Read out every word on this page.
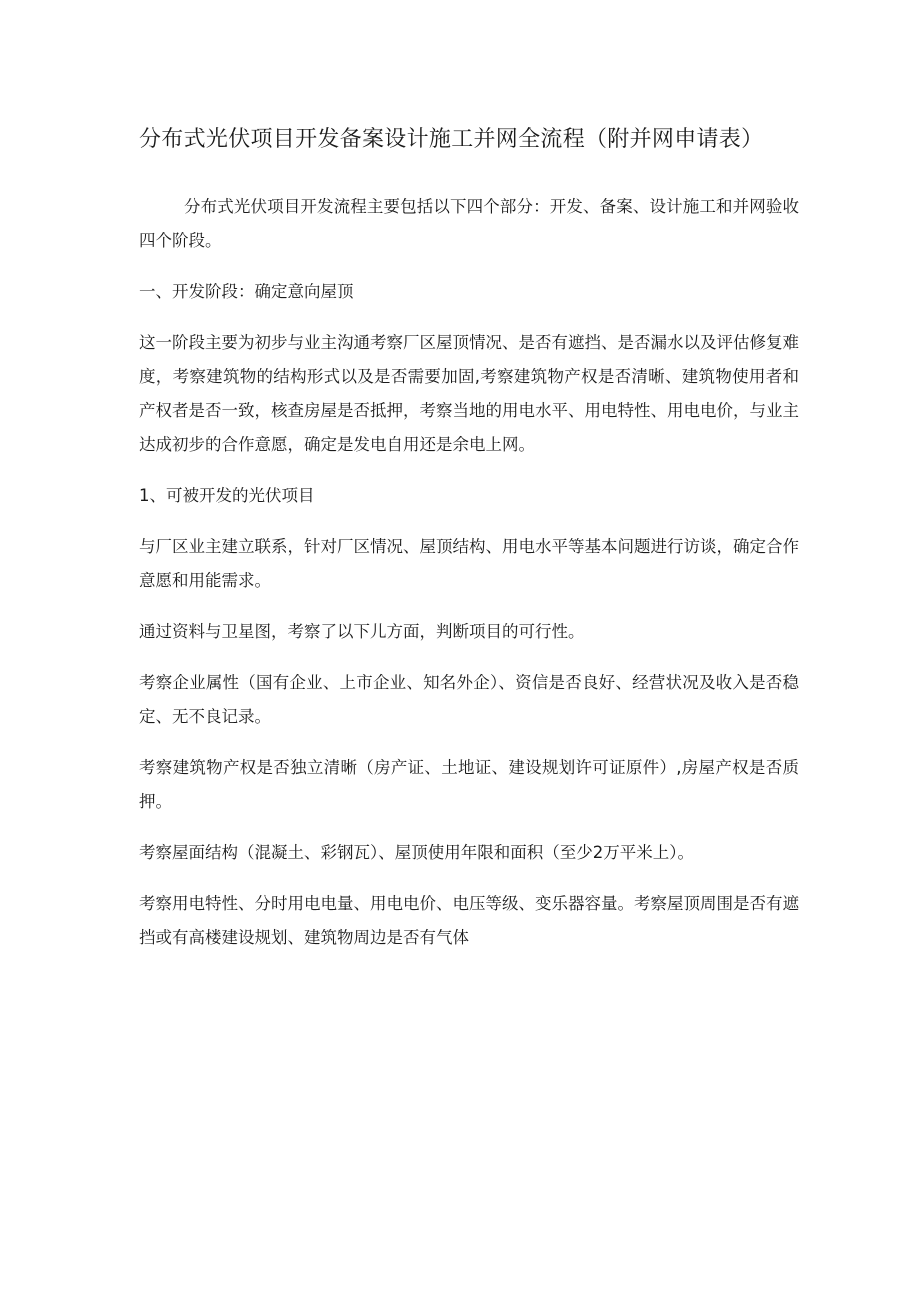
分布式光伏项目开发备案设计施工并网全流程（附并网申请表）

分布式光伏项目开发流程主要包括以下四个部分：开发、备案、设计施工和并网验收四个阶段。

一、开发阶段：确定意向屋顶

这一阶段主要为初步与业主沟通考察厂区屋顶情况、是否有遮挡、是否漏水以及评估修复难度，考察建筑物的结构形式以及是否需要加固,考察建筑物产权是否清晰、建筑物使用者和产权者是否一致，核查房屋是否抵押，考察当地的用电水平、用电特性、用电电价，与业主达成初步的合作意愿，确定是发电自用还是余电上网。

1、可被开发的光伏项目

与厂区业主建立联系，针对厂区情况、屋顶结构、用电水平等基本问题进行访谈，确定合作意愿和用能需求。

通过资料与卫星图，考察了以下儿方面，判断项目的可行性。

考察企业属性（国有企业、上市企业、知名外企）、资信是否良好、经营状况及收入是否稳定、无不良记录。

考察建筑物产权是否独立清晰（房产证、土地证、建设规划许可证原件）,房屋产权是否质押。

考察屋面结构（混凝土、彩钢瓦）、屋顶使用年限和面积（至少2万平米上）。

考察用电特性、分时用电电量、用电电价、电压等级、变乐器容量。考察屋顶周围是否有遮挡或有高楼建设规划、建筑物周边是否有气体
